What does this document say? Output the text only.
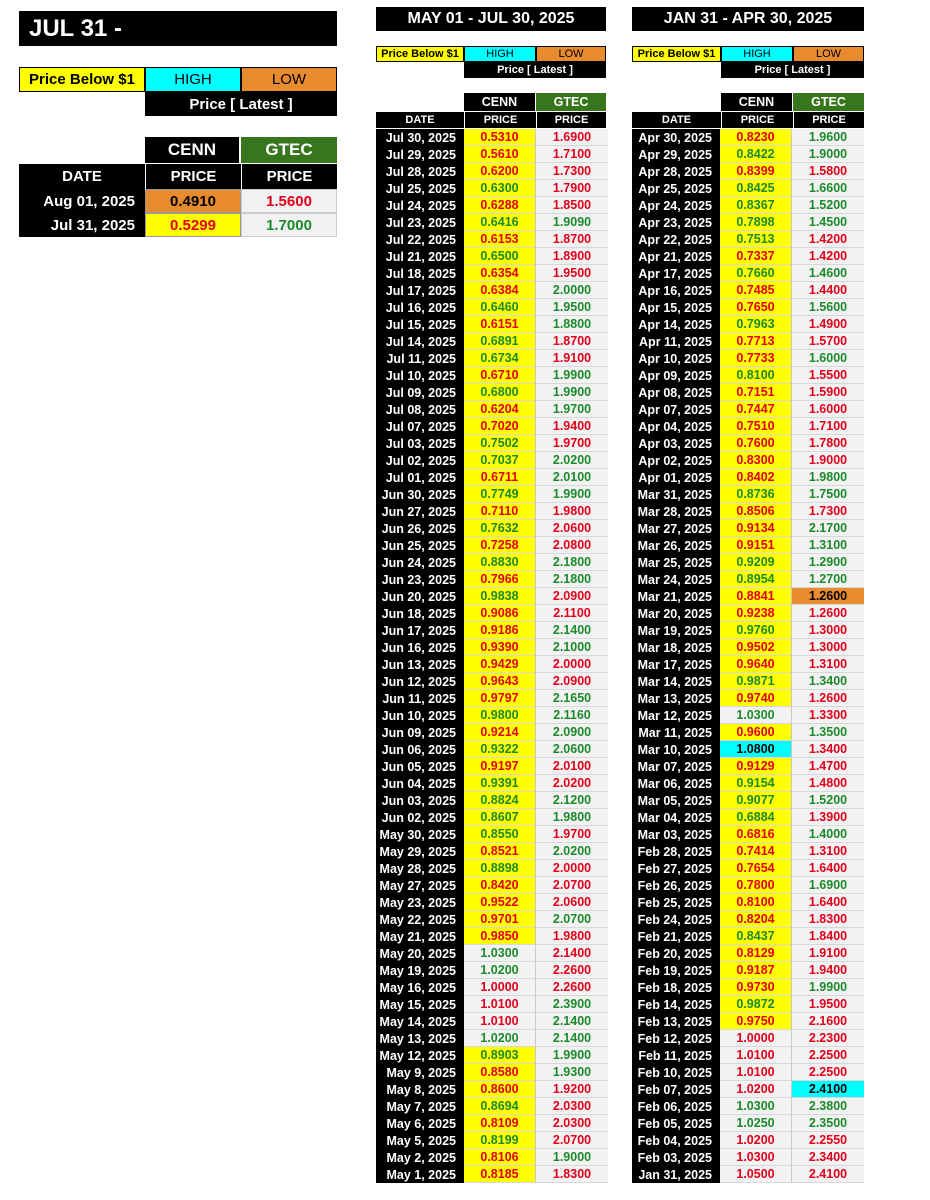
JUL 31 -
Price Below $1	HIGH	LOW
Price [ Latest ]
CENN	GTEC
DATE	PRICE	PRICE
Aug 01, 2025	0.4910	1.5600
Jul 31, 2025	0.5299	1.7000
MAY 01 - JUL 30, 2025
Price Below $1	HIGH	LOW
Price [ Latest ]
CENN	GTEC
DATE	PRICE	PRICE
Jul 30, 2025	0.5310	1.6900
Jul 29, 2025	0.5610	1.7100
Jul 28, 2025	0.6200	1.7300
Jul 25, 2025	0.6300	1.7900
Jul 24, 2025	0.6288	1.8500
Jul 23, 2025	0.6416	1.9090
Jul 22, 2025	0.6153	1.8700
Jul 21, 2025	0.6500	1.8900
Jul 18, 2025	0.6354	1.9500
Jul 17, 2025	0.6384	2.0000
Jul 16, 2025	0.6460	1.9500
Jul 15, 2025	0.6151	1.8800
Jul 14, 2025	0.6891	1.8700
Jul 11, 2025	0.6734	1.9100
Jul 10, 2025	0.6710	1.9900
Jul 09, 2025	0.6800	1.9900
Jul 08, 2025	0.6204	1.9700
Jul 07, 2025	0.7020	1.9400
Jul 03, 2025	0.7502	1.9700
Jul 02, 2025	0.7037	2.0200
Jul 01, 2025	0.6711	2.0100
Jun 30, 2025	0.7749	1.9900
Jun 27, 2025	0.7110	1.9800
Jun 26, 2025	0.7632	2.0600
Jun 25, 2025	0.7258	2.0800
Jun 24, 2025	0.8830	2.1800
Jun 23, 2025	0.7966	2.1800
Jun 20, 2025	0.9838	2.0900
Jun 18, 2025	0.9086	2.1100
Jun 17, 2025	0.9186	2.1400
Jun 16, 2025	0.9390	2.1000
Jun 13, 2025	0.9429	2.0000
Jun 12, 2025	0.9643	2.0900
Jun 11, 2025	0.9797	2.1650
Jun 10, 2025	0.9800	2.1160
Jun 09, 2025	0.9214	2.0900
Jun 06, 2025	0.9322	2.0600
Jun 05, 2025	0.9197	2.0100
Jun 04, 2025	0.9391	2.0200
Jun 03, 2025	0.8824	2.1200
Jun 02, 2025	0.8607	1.9800
May 30, 2025	0.8550	1.9700
May 29, 2025	0.8521	2.0200
May 28, 2025	0.8898	2.0000
May 27, 2025	0.8420	2.0700
May 23, 2025	0.9522	2.0600
May 22, 2025	0.9701	2.0700
May 21, 2025	0.9850	1.9800
May 20, 2025	1.0300	2.1400
May 19, 2025	1.0200	2.2600
May 16, 2025	1.0000	2.2600
May 15, 2025	1.0100	2.3900
May 14, 2025	1.0100	2.1400
May 13, 2025	1.0200	2.1400
May 12, 2025	0.8903	1.9900
May 9, 2025	0.8580	1.9300
May 8, 2025	0.8600	1.9200
May 7, 2025	0.8694	2.0300
May 6, 2025	0.8109	2.0300
May 5, 2025	0.8199	2.0700
May 2, 2025	0.8106	1.9000
May 1, 2025	0.8185	1.8300
JAN 31 - APR 30, 2025
Price Below $1	HIGH	LOW
Price [ Latest ]
CENN	GTEC
DATE	PRICE	PRICE
Apr 30, 2025	0.8230	1.9600
Apr 29, 2025	0.8422	1.9000
Apr 28, 2025	0.8399	1.5800
Apr 25, 2025	0.8425	1.6600
Apr 24, 2025	0.8367	1.5200
Apr 23, 2025	0.7898	1.4500
Apr 22, 2025	0.7513	1.4200
Apr 21, 2025	0.7337	1.4200
Apr 17, 2025	0.7660	1.4600
Apr 16, 2025	0.7485	1.4400
Apr 15, 2025	0.7650	1.5600
Apr 14, 2025	0.7963	1.4900
Apr 11, 2025	0.7713	1.5700
Apr 10, 2025	0.7733	1.6000
Apr 09, 2025	0.8100	1.5500
Apr 08, 2025	0.7151	1.5900
Apr 07, 2025	0.7447	1.6000
Apr 04, 2025	0.7510	1.7100
Apr 03, 2025	0.7600	1.7800
Apr 02, 2025	0.8300	1.9000
Apr 01, 2025	0.8402	1.9800
Mar 31, 2025	0.8736	1.7500
Mar 28, 2025	0.8506	1.7300
Mar 27, 2025	0.9134	2.1700
Mar 26, 2025	0.9151	1.3100
Mar 25, 2025	0.9209	1.2900
Mar 24, 2025	0.8954	1.2700
Mar 21, 2025	0.8841	1.2600
Mar 20, 2025	0.9238	1.2600
Mar 19, 2025	0.9760	1.3000
Mar 18, 2025	0.9502	1.3000
Mar 17, 2025	0.9640	1.3100
Mar 14, 2025	0.9871	1.3400
Mar 13, 2025	0.9740	1.2600
Mar 12, 2025	1.0300	1.3300
Mar 11, 2025	0.9600	1.3500
Mar 10, 2025	1.0800	1.3400
Mar 07, 2025	0.9129	1.4700
Mar 06, 2025	0.9154	1.4800
Mar 05, 2025	0.9077	1.5200
Mar 04, 2025	0.6884	1.3900
Mar 03, 2025	0.6816	1.4000
Feb 28, 2025	0.7414	1.3100
Feb 27, 2025	0.7654	1.6400
Feb 26, 2025	0.7800	1.6900
Feb 25, 2025	0.8100	1.6400
Feb 24, 2025	0.8204	1.8300
Feb 21, 2025	0.8437	1.8400
Feb 20, 2025	0.8129	1.9100
Feb 19, 2025	0.9187	1.9400
Feb 18, 2025	0.9730	1.9900
Feb 14, 2025	0.9872	1.9500
Feb 13, 2025	0.9750	2.1600
Feb 12, 2025	1.0000	2.2300
Feb 11, 2025	1.0100	2.2500
Feb 10, 2025	1.0100	2.2500
Feb 07, 2025	1.0200	2.4100
Feb 06, 2025	1.0300	2.3800
Feb 05, 2025	1.0250	2.3500
Feb 04, 2025	1.0200	2.2550
Feb 03, 2025	1.0300	2.3400
Jan 31, 2025	1.0500	2.4100
